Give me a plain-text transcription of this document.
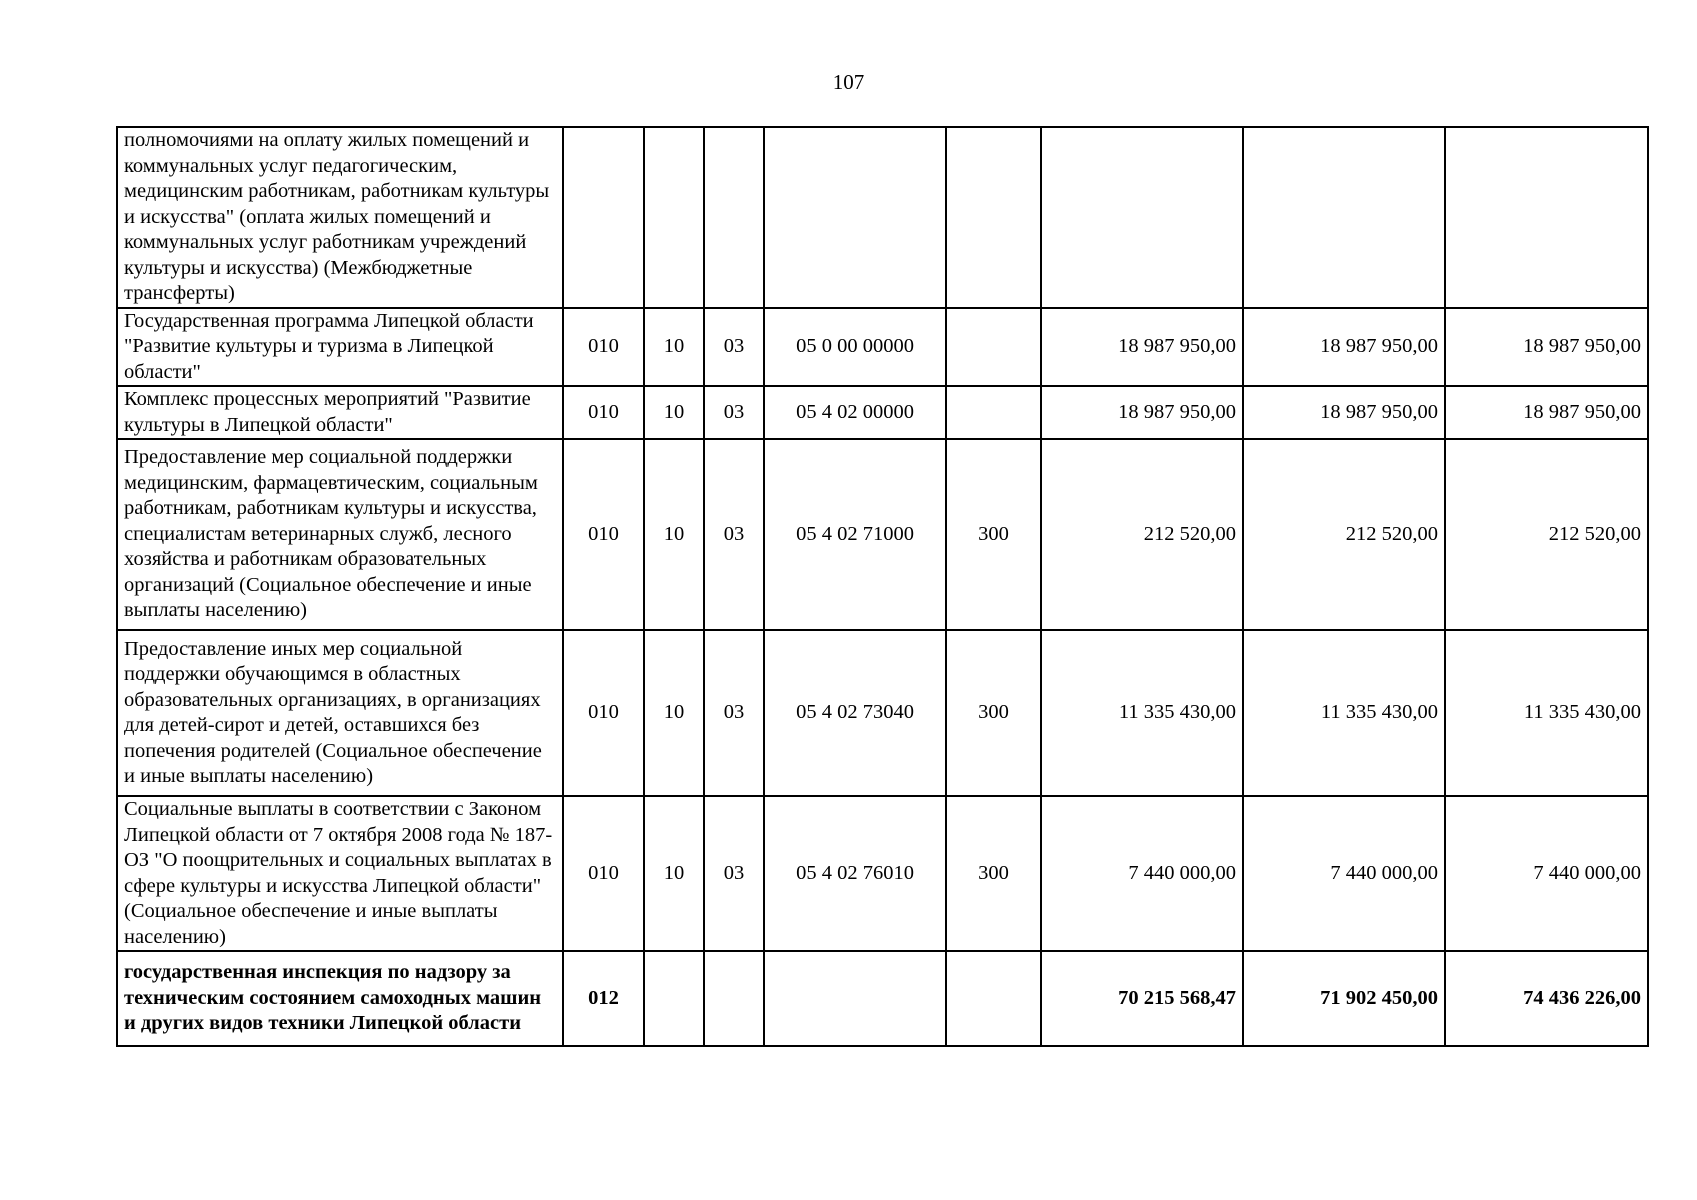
107
полномочиями на оплату жилых помещений и коммунальных услуг педагогическим, медицинским работникам, работникам культуры и искусства" (оплата жилых помещений и коммунальных услуг работникам учреждений культуры и искусства) (Межбюджетные трансферты)								
Государственная программа Липецкой области "Развитие культуры и туризма в Липецкой области"	010	10	03	05 0 00 00000		18 987 950,00	18 987 950,00	18 987 950,00
Комплекс процессных мероприятий "Развитие культуры в Липецкой области"	010	10	03	05 4 02 00000		18 987 950,00	18 987 950,00	18 987 950,00
Предоставление мер социальной поддержки медицинским, фармацевтическим, социальным работникам, работникам культуры и искусства, специалистам ветеринарных служб, лесного хозяйства и работникам образовательных организаций (Социальное обеспечение и иные выплаты населению)	010	10	03	05 4 02 71000	300	212 520,00	212 520,00	212 520,00
Предоставление иных мер социальной поддержки обучающимся в областных образовательных организациях, в организациях для детей-сирот и детей, оставшихся без попечения родителей (Социальное обеспечение и иные выплаты населению)	010	10	03	05 4 02 73040	300	11 335 430,00	11 335 430,00	11 335 430,00
Социальные выплаты в соответствии с Законом Липецкой области от 7 октября 2008 года № 187-ОЗ "О поощрительных и социальных выплатах в сфере культуры и искусства Липецкой области" (Социальное обеспечение и иные выплаты населению)	010	10	03	05 4 02 76010	300	7 440 000,00	7 440 000,00	7 440 000,00
государственная инспекция по надзору за техническим состоянием самоходных машин и других видов техники Липецкой области	012					70 215 568,47	71 902 450,00	74 436 226,00
